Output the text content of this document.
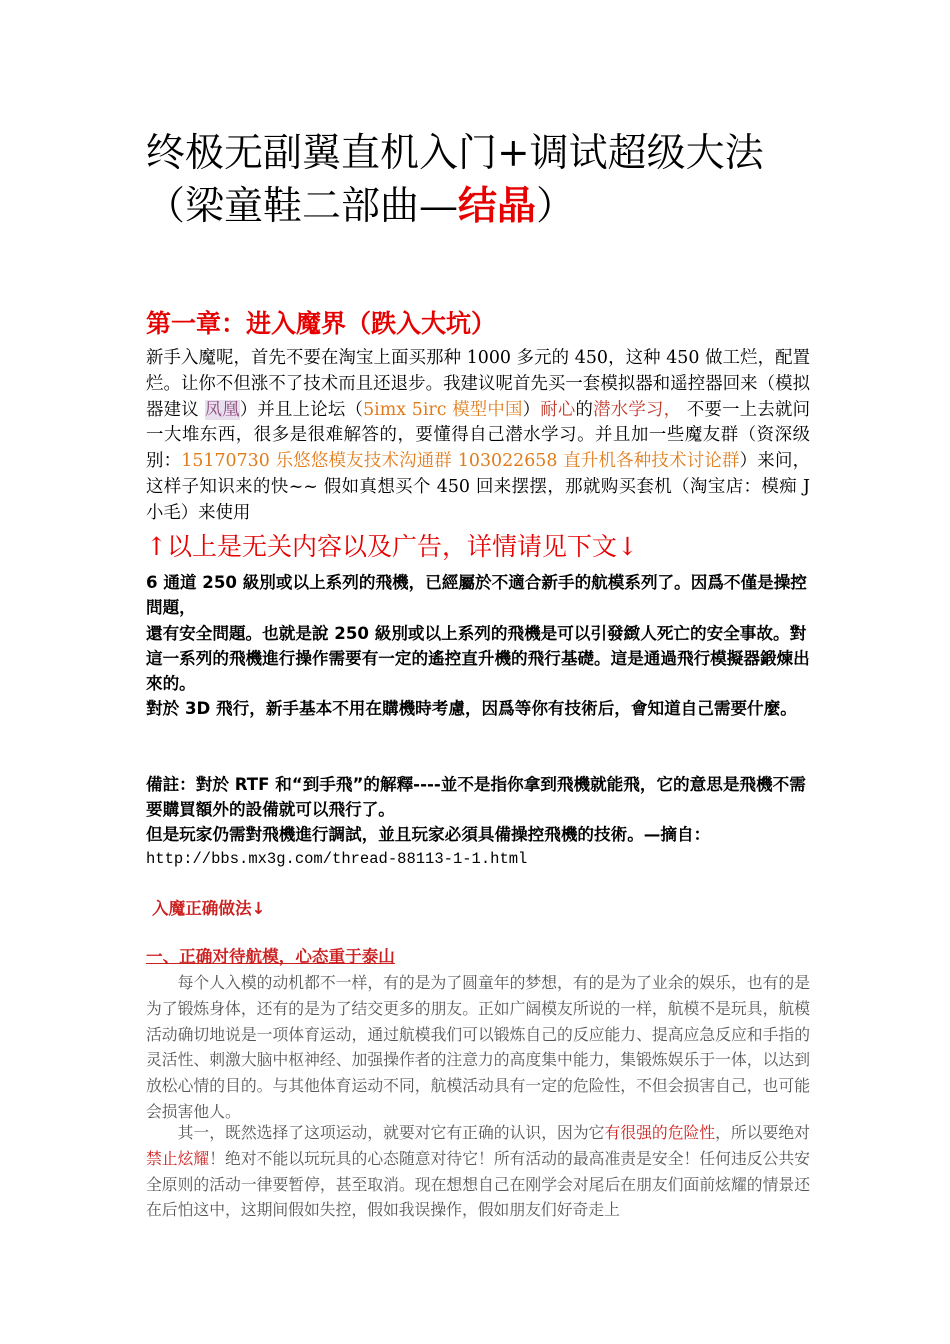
终极无副翼直机入门+调试超级大法（梁童鞋二部曲—结晶）
第一章：进入魔界（跌入大坑）

新手入魔呢，首先不要在淘宝上面买那种 1000 多元的 450，这种 450 做工烂，配置烂。让你不但涨不了技术而且还退步。我建议呢首先买一套模拟器和遥控器回来（模拟器建议 凤凰）并且上论坛（5imx 5irc 模型中国）耐心的潜水学习， 不要一上去就问一大堆东西，很多是很难解答的，要懂得自己潜水学习。并且加一些魔友群（资深级别：15170730 乐悠悠模友技术沟通群 103022658 直升机各种技术讨论群）来问，这样子知识来的快~~ 假如真想买个 450 回来摆摆，那就购买套机（淘宝店：模痴 J 小毛）来使用

↑以上是无关内容以及广告，详情请见下文↓

6 通道 250 級別或以上系列的飛機，已經屬於不適合新手的航模系列了。因爲不僅是操控問題，
還有安全問題。也就是說 250 級別或以上系列的飛機是可以引發緻人死亡的安全事故。對這一系列的飛機進行操作需要有一定的遙控直升機的飛行基礎。這是通過飛行模擬器鍛煉出來的。
對於 3D 飛行，新手基本不用在購機時考慮，因爲等你有技術后，會知道自己需要什麼。
備註：對於 RTF 和“到手飛”的解釋----並不是指你拿到飛機就能飛，它的意思是飛機不需要購買額外的設備就可以飛行了。
但是玩家仍需對飛機進行調試，並且玩家必須具備操控飛機的技術。—摘自：
http://bbs.mx3g.com/thread-88113-1-1.html

入魔正确做法↓

一、正确对待航模，心态重于泰山

每个人入模的动机都不一样，有的是为了圆童年的梦想，有的是为了业余的娱乐，也有的是为了锻炼身体，还有的是为了结交更多的朋友。正如广阔模友所说的一样，航模不是玩具，航模活动确切地说是一项体育运动，通过航模我们可以锻炼自己的反应能力、提高应急反应和手指的灵活性、刺激大脑中枢神经、加强操作者的注意力的高度集中能力，集锻炼娱乐于一体，以达到放松心情的目的。与其他体育运动不同，航模活动具有一定的危险性，不但会损害自己，也可能会损害他人。

其一，既然选择了这项运动，就要对它有正确的认识，因为它有很强的危险性，所以要绝对禁止炫耀！绝对不能以玩玩具的心态随意对待它！所有活动的最高准责是安全！任何违反公共安全原则的活动一律要暂停，甚至取消。现在想想自己在刚学会对尾后在朋友们面前炫耀的情景还在后怕这中，这期间假如失控，假如我误操作，假如朋友们好奇走上
